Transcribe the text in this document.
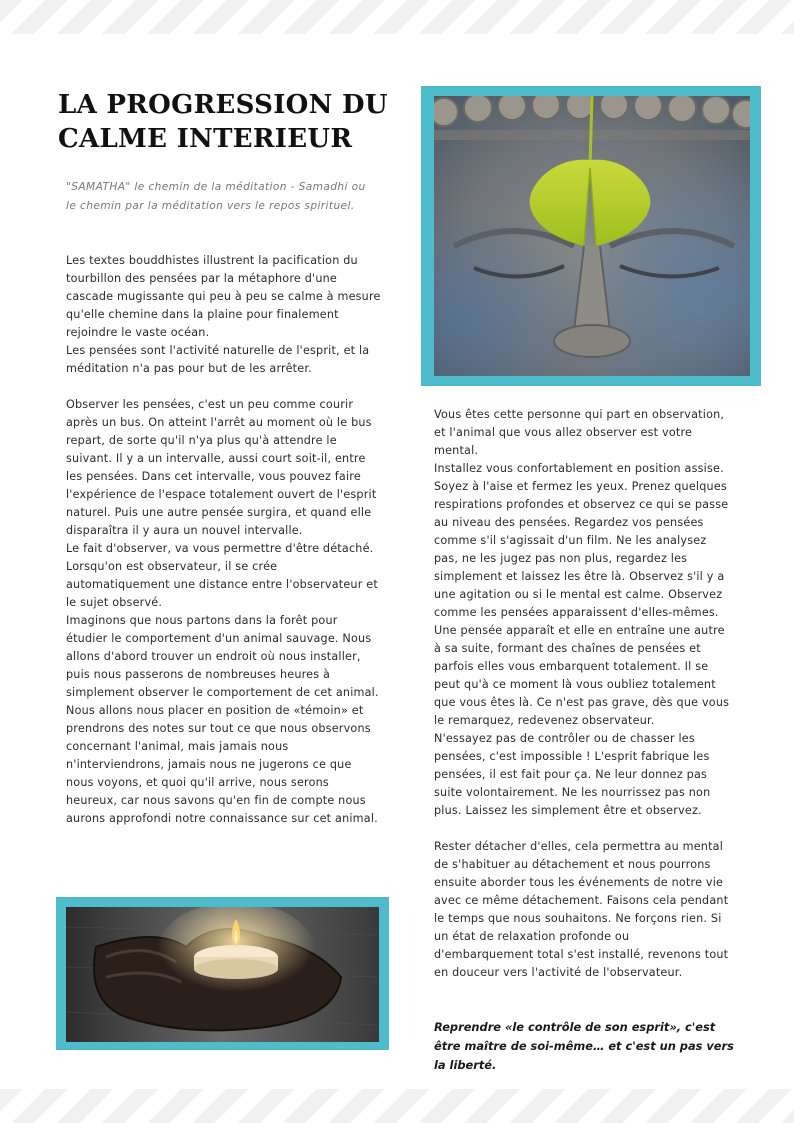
LA PROGRESSION DU CALME INTERIEUR
"SAMATHA" le chemin de la méditation - Samadhi ou le chemin par la méditation vers le repos spirituel.
Les textes bouddhistes illustrent la pacification du tourbillon des pensées par la métaphore d'une cascade mugissante qui peu à peu se calme à mesure qu'elle chemine dans la plaine pour finalement rejoindre le vaste océan.
Les pensées sont l'activité naturelle de l'esprit, et la méditation n'a pas pour but de les arrêter.

Observer les pensées, c'est un peu comme courir après un bus. On atteint l'arrêt au moment où le bus repart, de sorte qu'il n'ya plus qu'à attendre le suivant. Il y a un intervalle, aussi court soit-il, entre les pensées. Dans cet intervalle, vous pouvez faire l'expérience de l'espace totalement ouvert de l'esprit naturel. Puis une autre pensée surgira, et quand elle disparaîtra il y aura un nouvel intervalle.
Le fait d'observer, va vous permettre d'être détaché.
Lorsqu'on est observateur, il se crée automatiquement une distance entre l'observateur et le sujet observé.
Imaginons que nous partons dans la forêt pour étudier le comportement d'un animal sauvage. Nous allons d'abord trouver un endroit où nous installer, puis nous passerons de nombreuses heures à simplement observer le comportement de cet animal. Nous allons nous placer en position de «témoin» et prendrons des notes sur tout ce que nous observons concernant l'animal, mais jamais nous n'interviendrons, jamais nous ne jugerons ce que nous voyons, et quoi qu'il arrive, nous serons heureux, car nous savons qu'en fin de compte nous aurons approfondi notre connaissance sur cet animal.
Vous êtes cette personne qui part en observation, et l'animal que vous allez observer est votre mental.
Installez vous confortablement en position assise. Soyez à l'aise et fermez les yeux. Prenez quelques respirations profondes et observez ce qui se passe au niveau des pensées. Regardez vos pensées comme s'il s'agissait d'un film. Ne les analysez pas, ne les jugez pas non plus, regardez les simplement et laissez les être là. Observez s'il y a une agitation ou si le mental est calme. Observez comme les pensées apparaissent d'elles-mêmes. Une pensée apparaît et elle en entraîne une autre à sa suite, formant des chaînes de pensées et parfois elles vous embarquent totalement. Il se peut qu'à ce moment là vous oubliez totalement que vous êtes là. Ce n'est pas grave, dès que vous le remarquez, redevenez observateur.
N'essayez pas de contrôler ou de chasser les pensées, c'est impossible ! L'esprit fabrique les pensées, il est fait pour ça. Ne leur donnez pas suite volontairement. Ne les nourrissez pas non plus. Laissez les simplement être et observez.

Rester détacher d'elles, cela permettra au mental de s'habituer au détachement et nous pourrons ensuite aborder tous les événements de notre vie avec ce même détachement. Faisons cela pendant le temps que nous souhaitons. Ne forçons rien. Si un état de relaxation profonde ou d'embarquement total s'est installé, revenons tout en douceur vers l'activité de l'observateur.
Reprendre «le contrôle de son esprit», c'est être maître de soi-même… et c'est un pas vers la liberté.
